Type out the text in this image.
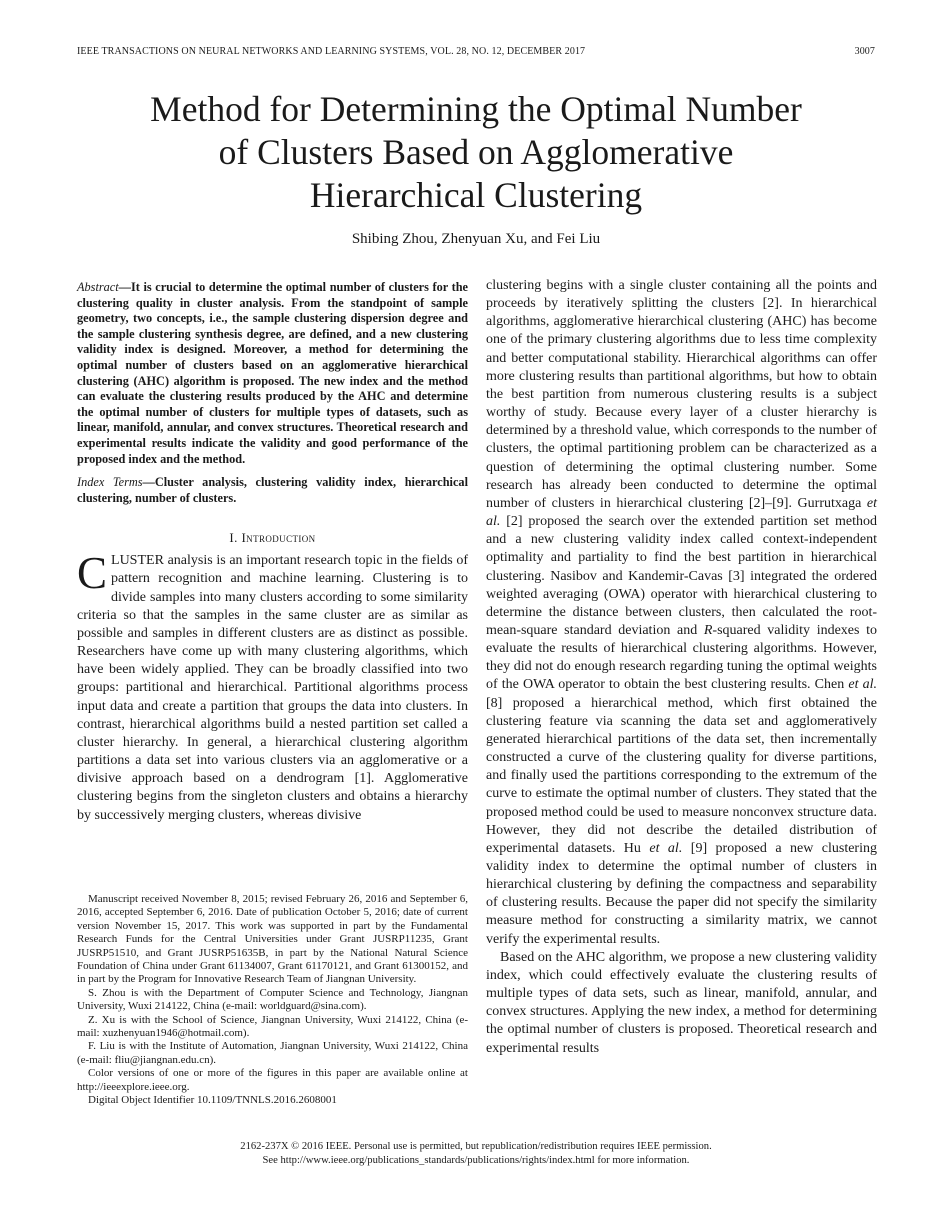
IEEE TRANSACTIONS ON NEURAL NETWORKS AND LEARNING SYSTEMS, VOL. 28, NO. 12, DECEMBER 2017	3007
Method for Determining the Optimal Number
of Clusters Based on Agglomerative
Hierarchical Clustering
Shibing Zhou, Zhenyuan Xu, and Fei Liu

Abstract—It is crucial to determine the optimal number of clusters for the clustering quality in cluster analysis. From the standpoint of sample geometry, two concepts, i.e., the sample clustering dispersion degree and the sample clustering synthesis degree, are defined, and a new clustering validity index is designed. Moreover, a method for determining the optimal number of clusters based on an agglomerative hierarchical clustering (AHC) algorithm is proposed. The new index and the method can evaluate the clustering results produced by the AHC and determine the optimal number of clusters for multiple types of datasets, such as linear, manifold, annular, and convex structures. Theoretical research and experimental results indicate the validity and good performance of the proposed index and the method.

Index Terms—Cluster analysis, clustering validity index, hierarchical clustering, number of clusters.

I. Introduction

CLUSTER analysis is an important research topic in the fields of pattern recognition and machine learning. Clustering is to divide samples into many clusters according to some similarity criteria so that the samples in the same cluster are as similar as possible and samples in different clusters are as distinct as possible. Researchers have come up with many clustering algorithms, which have been widely applied. They can be broadly classified into two groups: partitional and hierarchical. Partitional algorithms process input data and create a partition that groups the data into clusters. In contrast, hierarchical algorithms build a nested partition set called a cluster hierarchy. In general, a hierarchical clustering algorithm partitions a data set into various clusters via an agglomerative or a divisive approach based on a dendrogram [1]. Agglomerative clustering begins from the singleton clusters and obtains a hierarchy by successively merging clusters, whereas divisive

Manuscript received November 8, 2015; revised February 26, 2016 and September 6, 2016, accepted September 6, 2016. Date of publication October 5, 2016; date of current version November 15, 2017. This work was supported in part by the Fundamental Research Funds for the Central Universities under Grant JUSRP11235, Grant JUSRP51510, and Grant JUSRP51635B, in part by the National Natural Science Foundation of China under Grant 61134007, Grant 61170121, and Grant 61300152, and in part by the Program for Innovative Research Team of Jiangnan University.

S. Zhou is with the Department of Computer Science and Technology, Jiangnan University, Wuxi 214122, China (e-mail: worldguard@sina.com).

Z. Xu is with the School of Science, Jiangnan University, Wuxi 214122, China (e-mail: xuzhenyuan1946@hotmail.com).

F. Liu is with the Institute of Automation, Jiangnan University, Wuxi 214122, China (e-mail: fliu@jiangnan.edu.cn).

Color versions of one or more of the figures in this paper are available online at http://ieeexplore.ieee.org.

Digital Object Identifier 10.1109/TNNLS.2016.2608001

clustering begins with a single cluster containing all the points and proceeds by iteratively splitting the clusters [2]. In hierarchical algorithms, agglomerative hierarchical clustering (AHC) has become one of the primary clustering algorithms due to less time complexity and better computational stability. Hierarchical algorithms can offer more clustering results than partitional algorithms, but how to obtain the best partition from numerous clustering results is a subject worthy of study. Because every layer of a cluster hierarchy is determined by a threshold value, which corresponds to the number of clusters, the optimal partitioning problem can be characterized as a question of determining the optimal clustering number. Some research has already been conducted to determine the optimal number of clusters in hierarchical clustering [2]–[9]. Gurrutxaga et al. [2] proposed the search over the extended partition set method and a new clustering validity index called context-independent optimality and partiality to find the best partition in hierarchical clustering. Nasibov and Kandemir-Cavas [3] integrated the ordered weighted averaging (OWA) operator with hierarchical clustering to determine the distance between clusters, then calculated the root-mean-square standard deviation and R-squared validity indexes to evaluate the results of hierarchical clustering algorithms. However, they did not do enough research regarding tuning the optimal weights of the OWA operator to obtain the best clustering results. Chen et al. [8] proposed a hierarchical method, which first obtained the clustering feature via scanning the data set and agglomeratively generated hierarchical partitions of the data set, then incrementally constructed a curve of the clustering quality for diverse partitions, and finally used the partitions corresponding to the extremum of the curve to estimate the optimal number of clusters. They stated that the proposed method could be used to measure nonconvex structure data. However, they did not describe the detailed distribution of experimental datasets. Hu et al. [9] proposed a new clustering validity index to determine the optimal number of clusters in hierarchical clustering by defining the compactness and separability of clustering results. Because the paper did not specify the similarity measure method for constructing a similarity matrix, we cannot verify the experimental results.

Based on the AHC algorithm, we propose a new clustering validity index, which could effectively evaluate the clustering results of multiple types of data sets, such as linear, manifold, annular, and convex structures. Applying the new index, a method for determining the optimal number of clusters is proposed. Theoretical research and experimental results

2162-237X © 2016 IEEE. Personal use is permitted, but republication/redistribution requires IEEE permission.
See http://www.ieee.org/publications_standards/publications/rights/index.html for more information.
